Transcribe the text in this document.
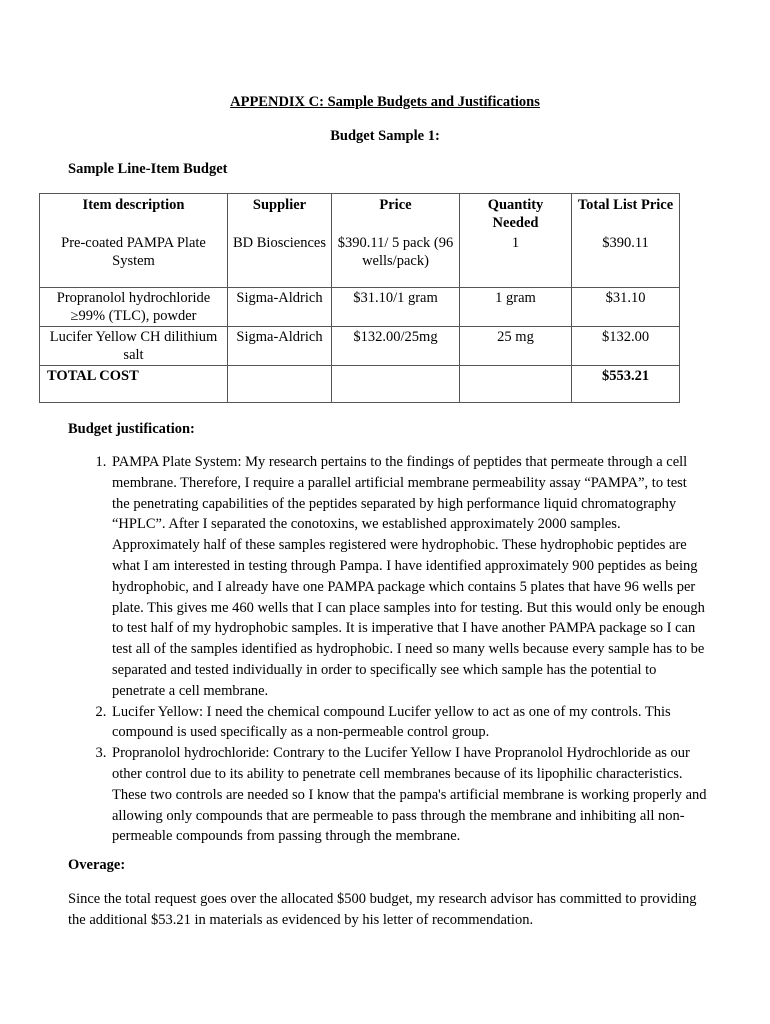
APPENDIX C: Sample Budgets and Justifications
Budget Sample 1:
Sample Line-Item Budget
Item description	Supplier	Price	Quantity Needed	Total List Price
Pre-coated PAMPA Plate System	BD Biosciences	$390.11/ 5 pack (96 wells/pack)	1	$390.11
Propranolol hydrochloride ≥99% (TLC), powder	Sigma-Aldrich	$31.10/1 gram	1 gram	$31.10
Lucifer Yellow CH dilithium salt	Sigma-Aldrich	$132.00/25mg	25 mg	$132.00
TOTAL COST				$553.21
Budget justification:
1. PAMPA Plate System: My research pertains to the findings of peptides that permeate through a cell membrane. Therefore, I require a parallel artificial membrane permeability assay “PAMPA”, to test the penetrating capabilities of the peptides separated by high performance liquid chromatography “HPLC”. After I separated the conotoxins, we established approximately 2000 samples. Approximately half of these samples registered were hydrophobic. These hydrophobic peptides are what I am interested in testing through Pampa. I have identified approximately 900 peptides as being hydrophobic, and I already have one PAMPA package which contains 5 plates that have 96 wells per plate. This gives me 460 wells that I can place samples into for testing. But this would only be enough to test half of my hydrophobic samples. It is imperative that I have another PAMPA package so I can test all of the samples identified as hydrophobic. I need so many wells because every sample has to be separated and tested individually in order to specifically see which sample has the potential to penetrate a cell membrane.
2. Lucifer Yellow: I need the chemical compound Lucifer yellow to act as one of my controls. This compound is used specifically as a non-permeable control group.
3. Propranolol hydrochloride: Contrary to the Lucifer Yellow I have Propranolol Hydrochloride as our other control due to its ability to penetrate cell membranes because of its lipophilic characteristics. These two controls are needed so I know that the pampa's artificial membrane is working properly and allowing only compounds that are permeable to pass through the membrane and inhibiting all non-permeable compounds from passing through the membrane.
Overage:
Since the total request goes over the allocated $500 budget, my research advisor has committed to providing the additional $53.21 in materials as evidenced by his letter of recommendation.
